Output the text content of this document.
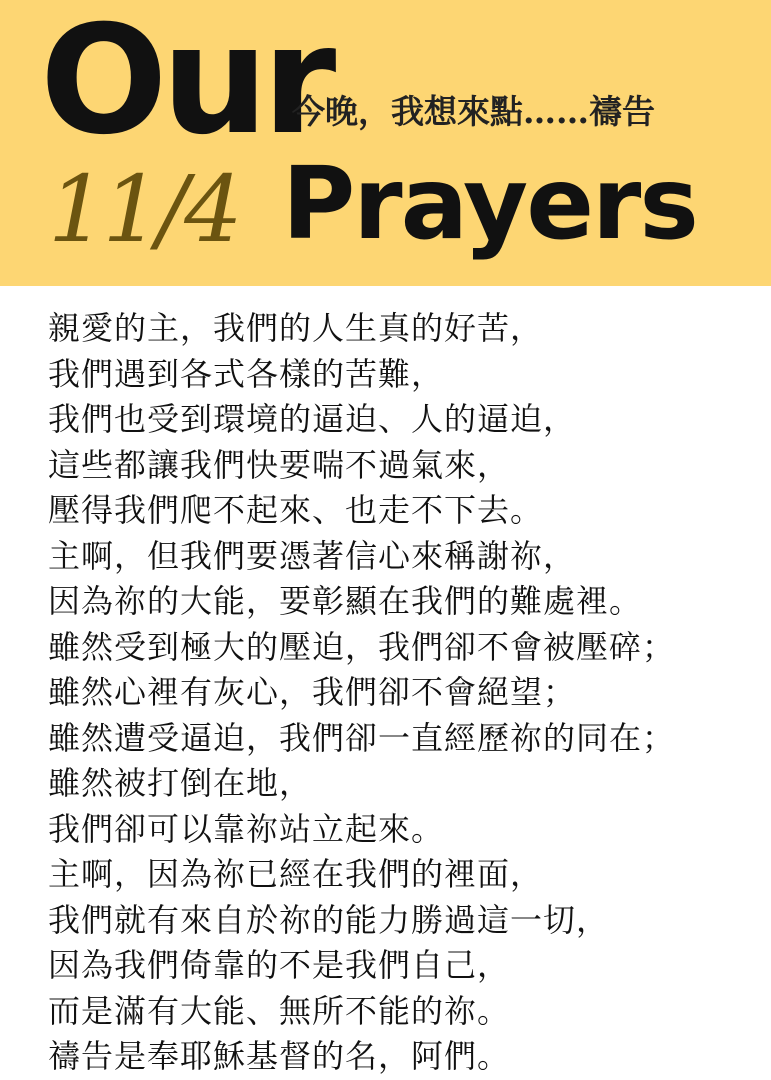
Our
今晚，我想來點……禱告
11/4 Prayers
親愛的主，我們的人生真的好苦，
我們遇到各式各樣的苦難，
我們也受到環境的逼迫、人的逼迫，
這些都讓我們快要喘不過氣來，
壓得我們爬不起來、也走不下去。
主啊，但我們要憑著信心來稱謝祢，
因為祢的大能，要彰顯在我們的難處裡。
雖然受到極大的壓迫，我們卻不會被壓碎；
雖然心裡有灰心，我們卻不會絕望；
雖然遭受逼迫，我們卻一直經歷祢的同在；
雖然被打倒在地，
我們卻可以靠祢站立起來。
主啊，因為祢已經在我們的裡面，
我們就有來自於祢的能力勝過這一切，
因為我們倚靠的不是我們自己，
而是滿有大能、無所不能的祢。
禱告是奉耶穌基督的名，阿們。
